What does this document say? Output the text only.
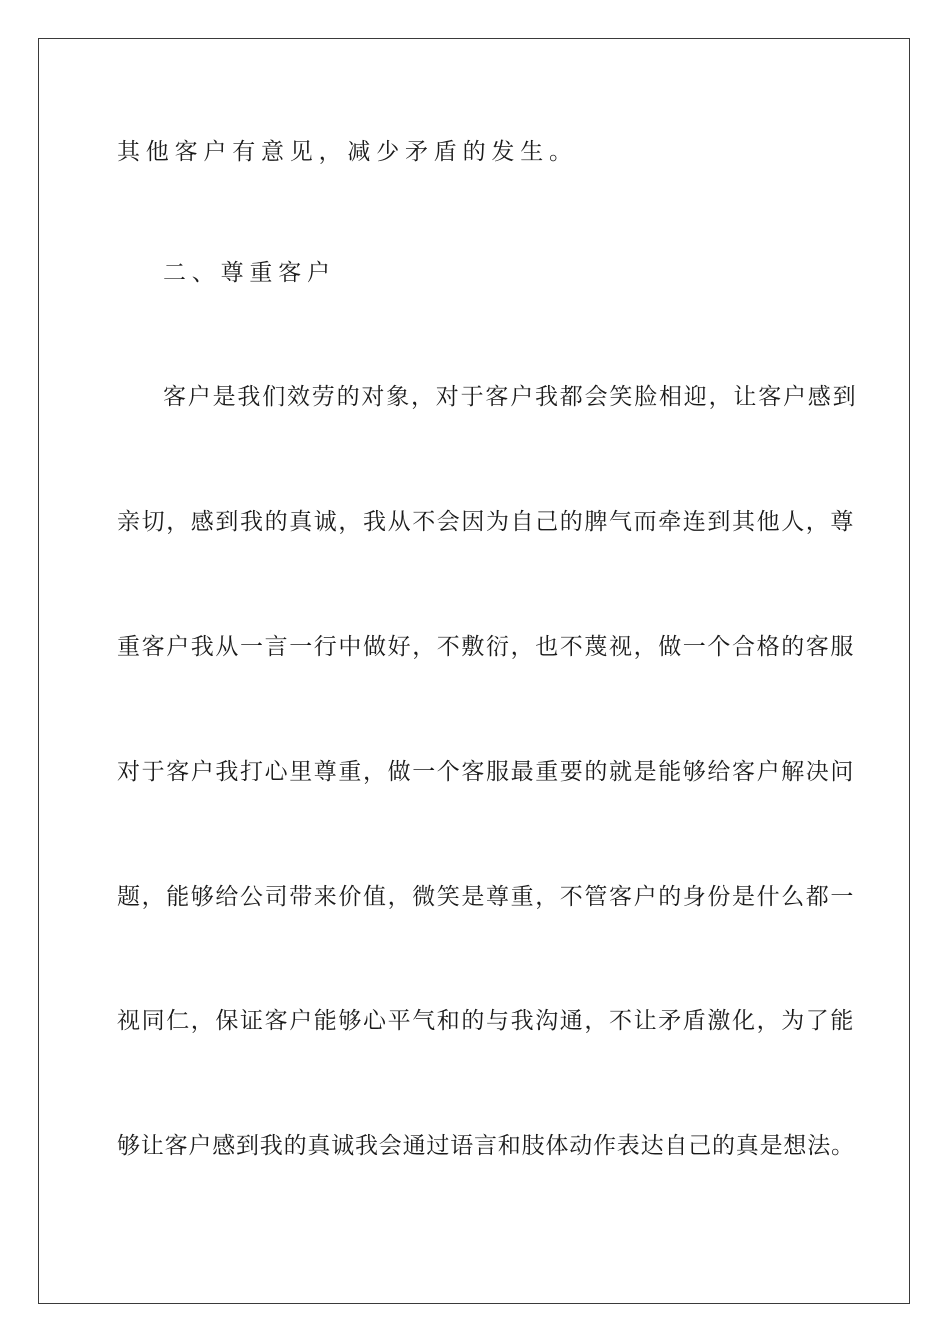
其他客户有意见，减少矛盾的发生。

二、尊重客户

客户是我们效劳的对象，对于客户我都会笑脸相迎，让客户感到

亲切，感到我的真诚，我从不会因为自己的脾气而牵连到其他人，尊

重客户我从一言一行中做好，不敷衍，也不蔑视，做一个合格的客服

对于客户我打心里尊重，做一个客服最重要的就是能够给客户解决问

题，能够给公司带来价值，微笑是尊重，不管客户的身份是什么都一

视同仁，保证客户能够心平气和的与我沟通，不让矛盾激化，为了能

够让客户感到我的真诚我会通过语言和肢体动作表达自己的真是想法。
